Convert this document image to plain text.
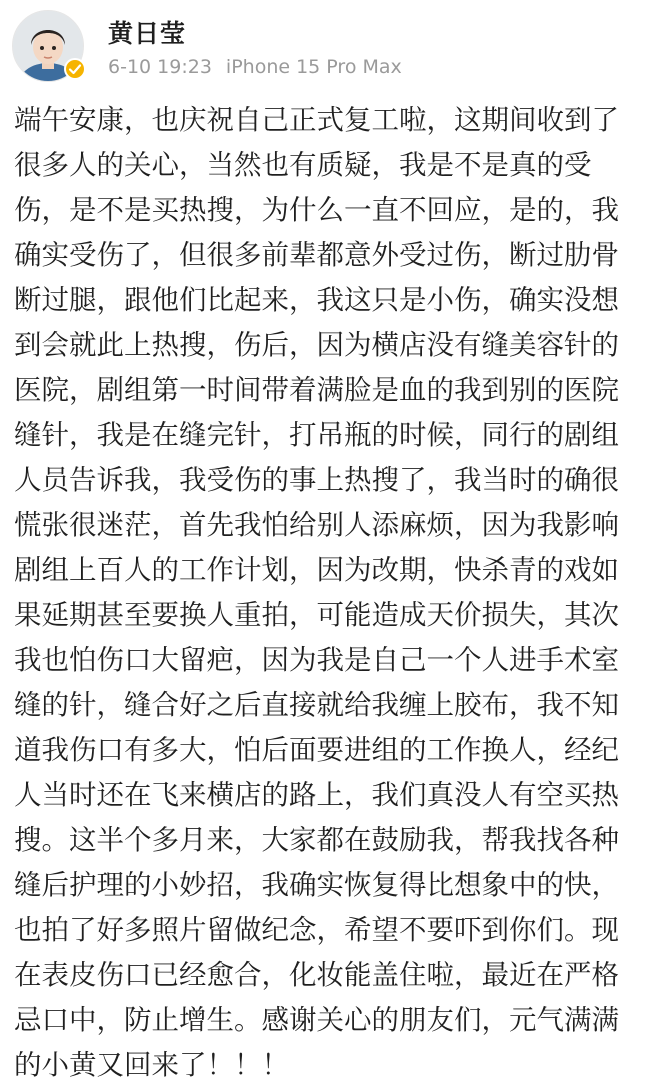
黄日莹
6-10 19:23 iPhone 15 Pro Max
端午安康，也庆祝自己正式复工啦，这期间收到了
很多人的关心，当然也有质疑，我是不是真的受
伤，是不是买热搜，为什么一直不回应，是的，我
确实受伤了，但很多前辈都意外受过伤，断过肋骨
断过腿，跟他们比起来，我这只是小伤，确实没想
到会就此上热搜，伤后，因为横店没有缝美容针的
医院，剧组第一时间带着满脸是血的我到别的医院
缝针，我是在缝完针，打吊瓶的时候，同行的剧组
人员告诉我，我受伤的事上热搜了，我当时的确很
慌张很迷茫，首先我怕给别人添麻烦，因为我影响
剧组上百人的工作计划，因为改期，快杀青的戏如
果延期甚至要换人重拍，可能造成天价损失，其次
我也怕伤口大留疤，因为我是自己一个人进手术室
缝的针，缝合好之后直接就给我缠上胶布，我不知
道我伤口有多大，怕后面要进组的工作换人，经纪
人当时还在飞来横店的路上，我们真没人有空买热
搜。这半个多月来，大家都在鼓励我，帮我找各种
缝后护理的小妙招，我确实恢复得比想象中的快，
也拍了好多照片留做纪念，希望不要吓到你们。现
在表皮伤口已经愈合，化妆能盖住啦，最近在严格
忌口中，防止增生。感谢关心的朋友们，元气满满
的小黄又回来了！！！
